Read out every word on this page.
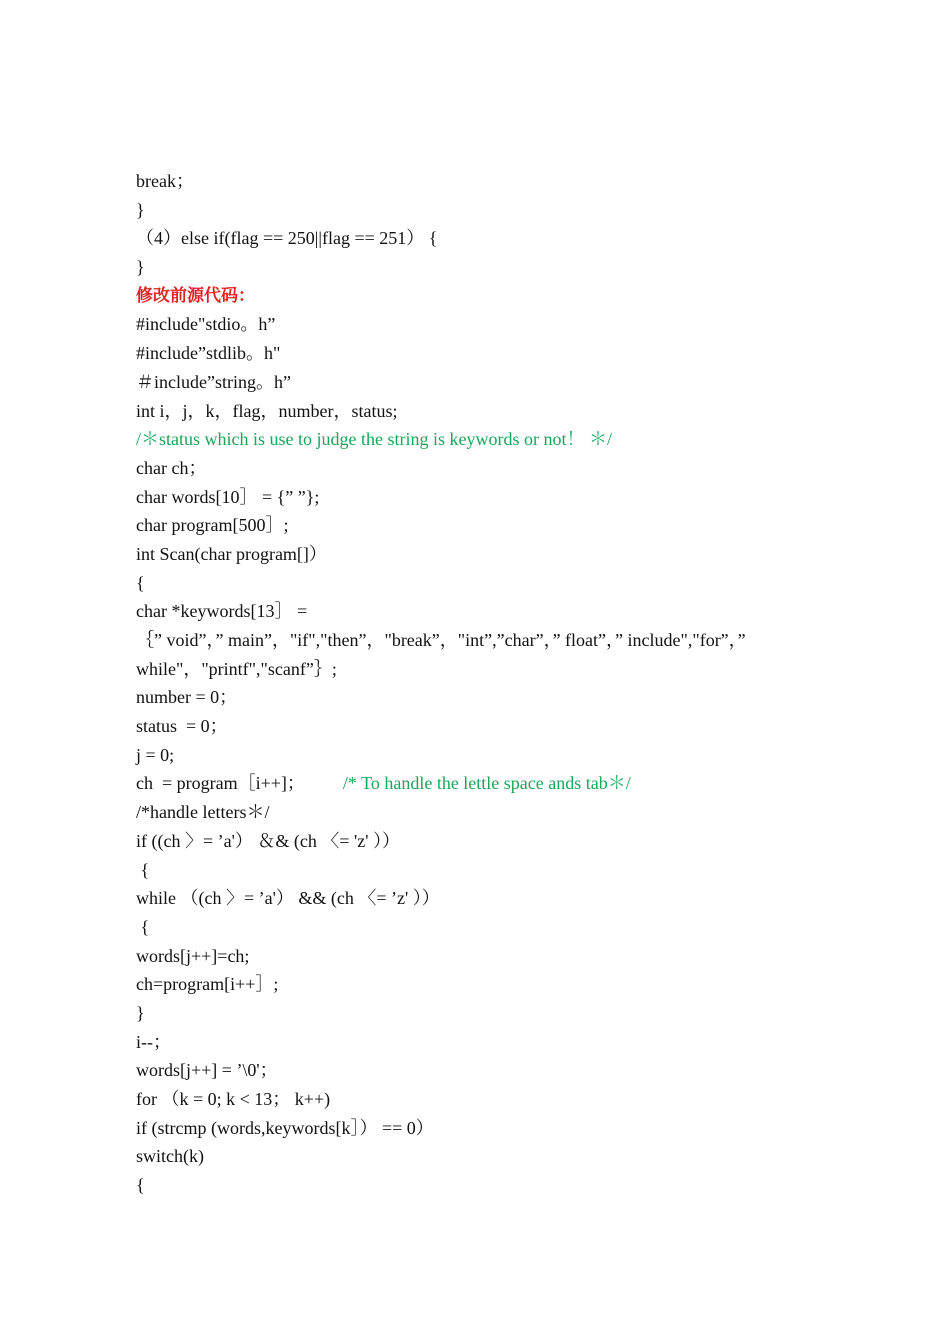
break；
}
（4）else if(flag == 250||flag == 251） {
}
修改前源代码：
#include"stdio。h”
#include”stdlib。h"
＃include”string。h”
int i，j，k，flag，number，status;
/＊status which is use to judge the string is keywords or not！ ＊/
char ch；
char words[10］ = {” ”};
char program[500］;
int Scan(char program[]）
{
char *keywords[13］ =
｛” void”，” main”，"if","then”，"break”，"int”,”char”，” float”，” include","for”，” while"，"printf","scanf”｝;
number = 0；
status  = 0；
j = 0;
ch  = program［i++]； /* To handle the lettle space ands tab＊/
/*handle letters＊/
if ((ch 〉= ’a'） ＆& (ch 〈= 'z' ））
{
while （(ch 〉= ’a'） && (ch 〈= ’z' ））
{
words[j++]=ch;
ch=program[i++］;
}
i--；
words[j++] = ’\0'；
for （k = 0; k < 13； k++)
if (strcmp (words,keywords[k］） == 0）
switch(k)
{
